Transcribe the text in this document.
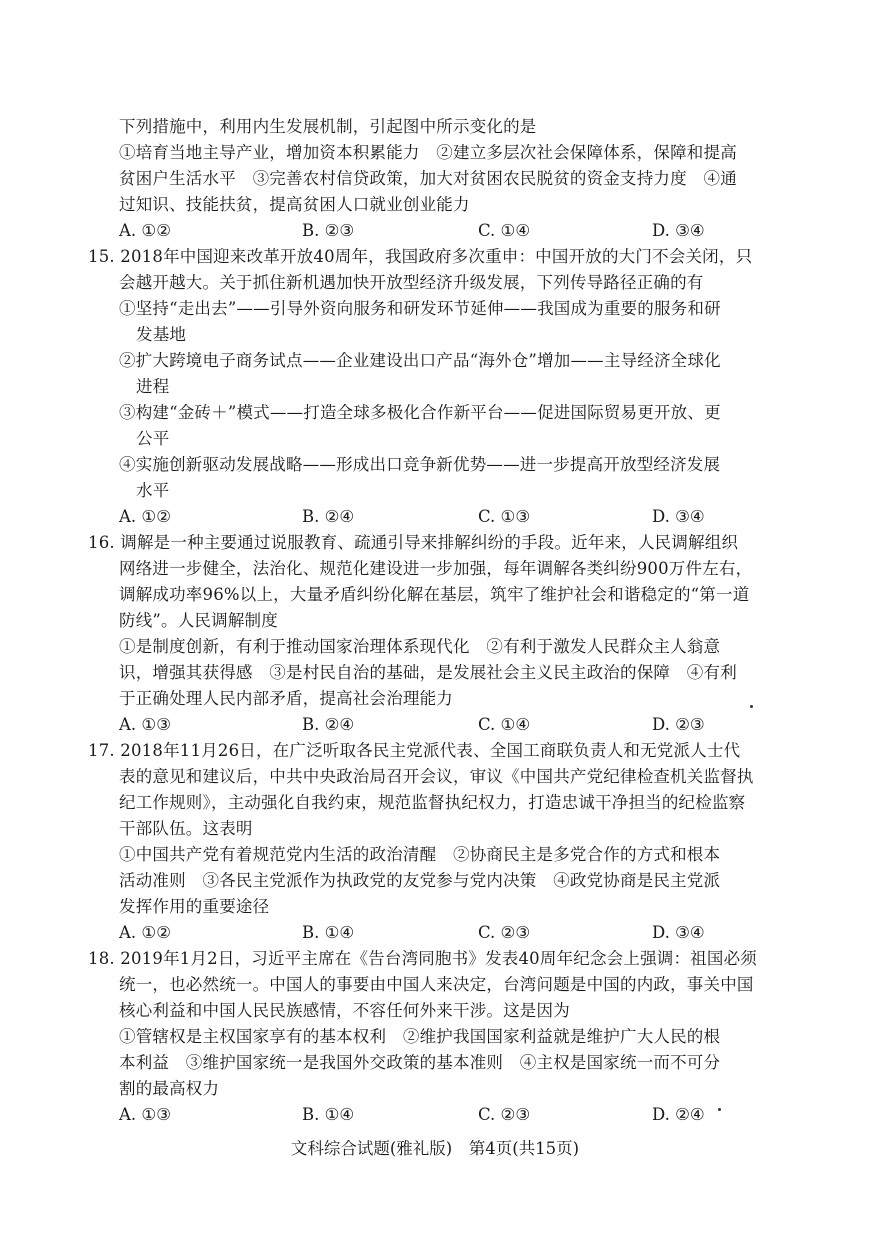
下列措施中，利用内生发展机制，引起图中所示变化的是
①培育当地主导产业，增加资本积累能力　②建立多层次社会保障体系，保障和提高
贫困户生活水平　③完善农村信贷政策，加大对贫困农民脱贫的资金支持力度　④通
过知识、技能扶贫，提高贫困人口就业创业能力
A. ①②	B. ②③	C. ①④	D. ③④
15. 2018年中国迎来改革开放40周年，我国政府多次重申：中国开放的大门不会关闭，只
会越开越大。关于抓住新机遇加快开放型经济升级发展，下列传导路径正确的有
①坚持“走出去”——引导外资向服务和研发环节延伸——我国成为重要的服务和研
发基地
②扩大跨境电子商务试点——企业建设出口产品“海外仓”增加——主导经济全球化
进程
③构建“金砖＋”模式——打造全球多极化合作新平台——促进国际贸易更开放、更
公平
④实施创新驱动发展战略——形成出口竞争新优势——进一步提高开放型经济发展
水平
A. ①②	B. ②④	C. ①③	D. ③④
16. 调解是一种主要通过说服教育、疏通引导来排解纠纷的手段。近年来，人民调解组织
网络进一步健全，法治化、规范化建设进一步加强，每年调解各类纠纷900万件左右，
调解成功率96%以上，大量矛盾纠纷化解在基层，筑牢了维护社会和谐稳定的“第一道
防线”。人民调解制度
①是制度创新，有利于推动国家治理体系现代化　②有利于激发人民群众主人翁意
识，增强其获得感　③是村民自治的基础，是发展社会主义民主政治的保障　④有利
于正确处理人民内部矛盾，提高社会治理能力
A. ①③	B. ②④	C. ①④	D. ②③
17. 2018年11月26日，在广泛听取各民主党派代表、全国工商联负责人和无党派人士代
表的意见和建议后，中共中央政治局召开会议，审议《中国共产党纪律检查机关监督执
纪工作规则》，主动强化自我约束，规范监督执纪权力，打造忠诚干净担当的纪检监察
干部队伍。这表明
①中国共产党有着规范党内生活的政治清醒　②协商民主是多党合作的方式和根本
活动准则　③各民主党派作为执政党的友党参与党内决策　④政党协商是民主党派
发挥作用的重要途径
A. ①②	B. ①④	C. ②③	D. ③④
18. 2019年1月2日，习近平主席在《告台湾同胞书》发表40周年纪念会上强调：祖国必须
统一，也必然统一。中国人的事要由中国人来决定，台湾问题是中国的内政，事关中国
核心利益和中国人民民族感情，不容任何外来干涉。这是因为
①管辖权是主权国家享有的基本权利　②维护我国国家利益就是维护广大人民的根
本利益　③维护国家统一是我国外交政策的基本准则　④主权是国家统一而不可分
割的最高权力
A. ①③	B. ①④	C. ②③	D. ②④
文科综合试题(雅礼版)　第4页(共15页)
